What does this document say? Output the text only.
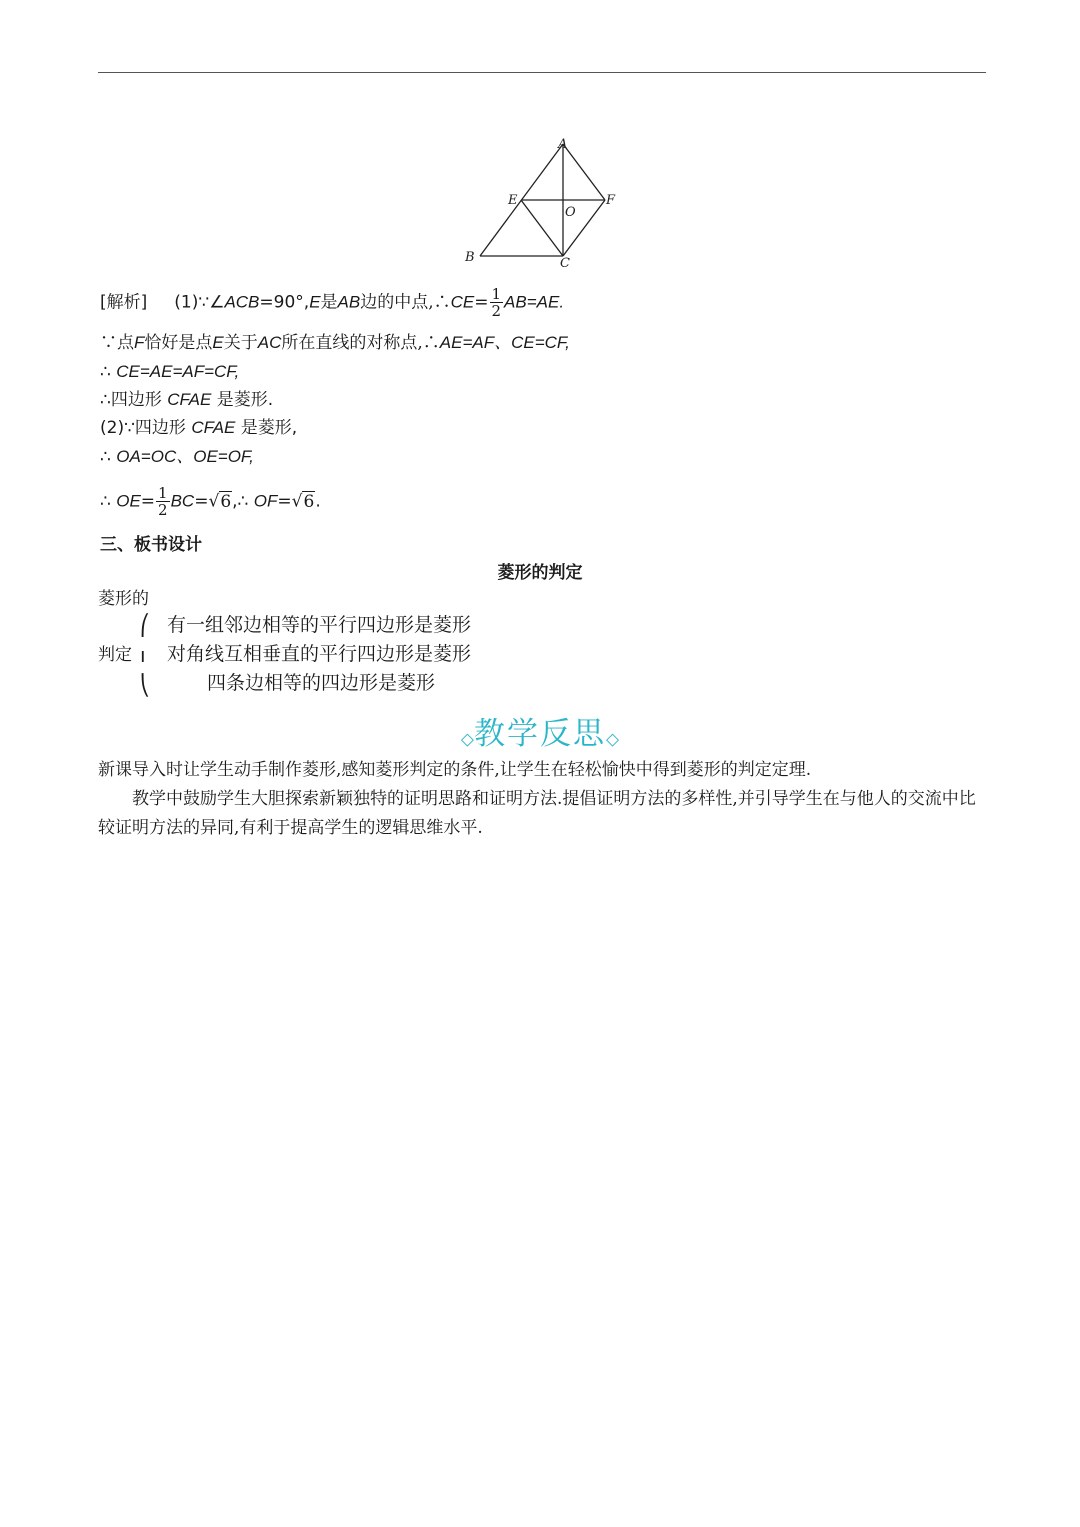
A
B	C
E	F
O
[解析] (1)∵∠ACB=90°,E是AB边的中点,∴CE= $\frac{1}{2} AB=AE$.
∵点F恰好是点E关于AC所在直线的对称点,∴AE=AF、CE=CF,
∴ CE=AE=AF=CF,
∴四边形 CFAE 是菱形.
(2)∵四边形 CFAE 是菱形,
∴ OA=OC、OE=OF,
∴ $OE= \frac{1}{2}$ BC=√6,∴ OF=√6.
三、板书设计
菱形的判定
菱形的
判定
⎛
ı
⎝
有一组邻边相等的平行四边形是菱形
对角线互相垂直的平行四边形是菱形
四条边相等的四边形是菱形
◇教学反思◇
新课导入时让学生动手制作菱形,感知菱形判定的条件,让学生在轻松愉快中得到菱形的判定定理.
教学中鼓励学生大胆探索新颖独特的证明思路和证明方法.提倡证明方法的多样性,并引导学生在与他人的交流中比较证明方法的异同,有利于提高学生的逻辑思维水平.
